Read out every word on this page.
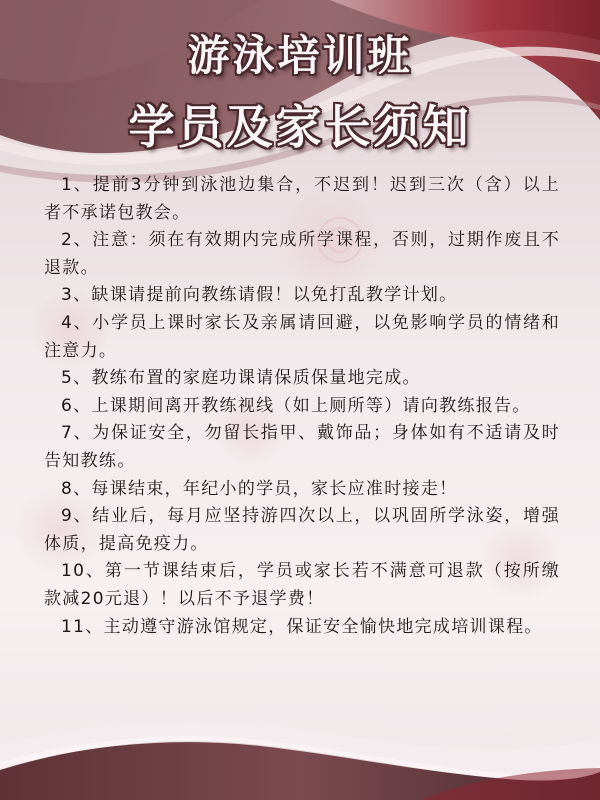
游泳培训班
学员及家长须知
1、提前3分钟到泳池边集合，不迟到！迟到三次（含）以上者不承诺包教会。
2、注意：须在有效期内完成所学课程，否则，过期作废且不退款。
3、缺课请提前向教练请假！以免打乱教学计划。
4、小学员上课时家长及亲属请回避，以免影响学员的情绪和注意力。
5、教练布置的家庭功课请保质保量地完成。
6、上课期间离开教练视线（如上厕所等）请向教练报告。
7、为保证安全，勿留长指甲、戴饰品；身体如有不适请及时告知教练。
8、每课结束，年纪小的学员，家长应准时接走！
9、结业后，每月应坚持游四次以上，以巩固所学泳姿，增强体质，提高免疫力。
10、第一节课结束后，学员或家长若不满意可退款（按所缴款减20元退）！以后不予退学费！
11、主动遵守游泳馆规定，保证安全愉快地完成培训课程。
